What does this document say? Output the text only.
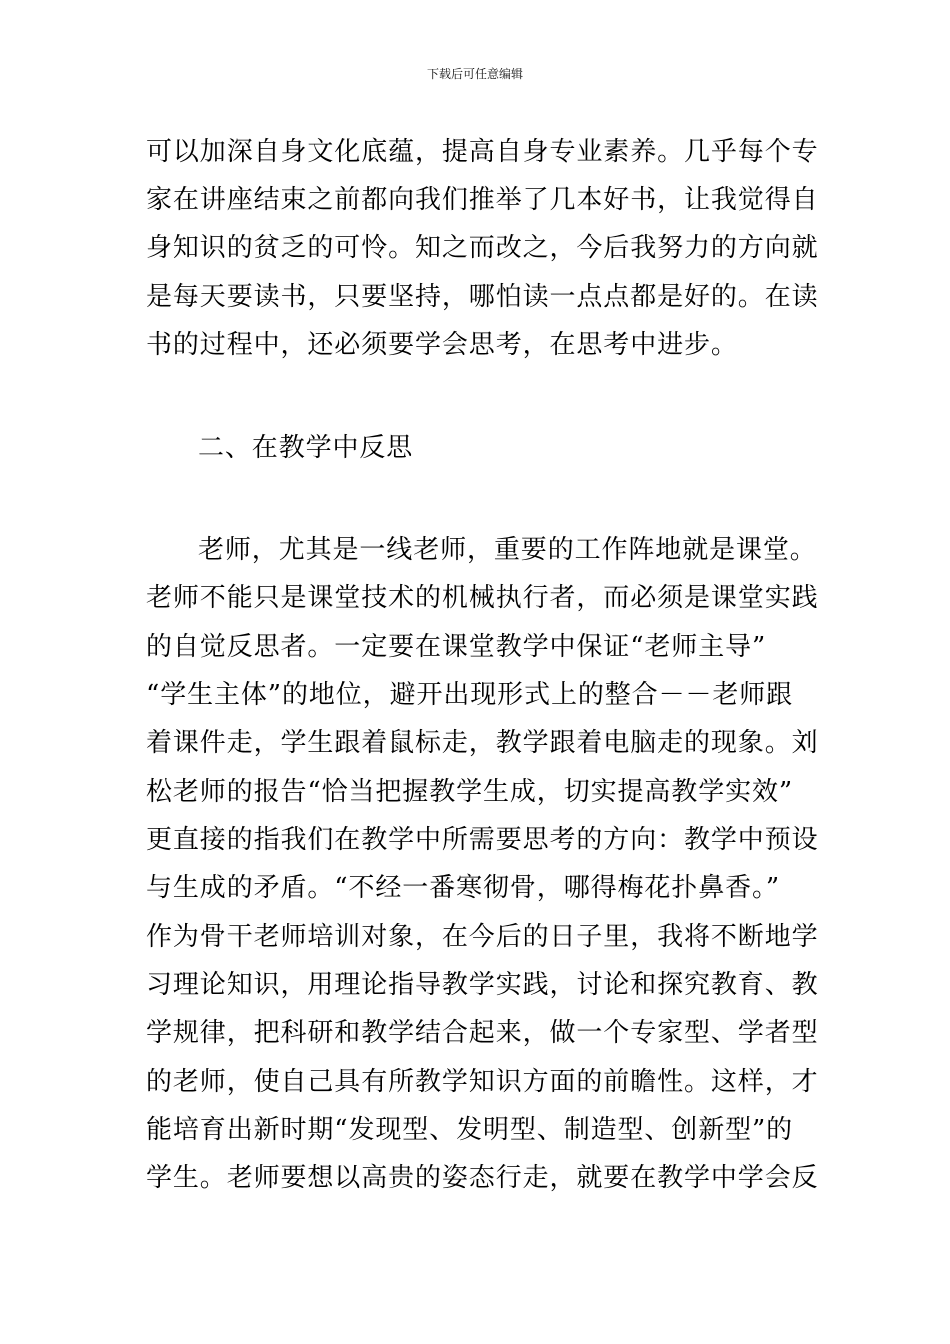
下载后可任意编辑
可以加深自身文化底蕴，提高自身专业素养。几乎每个专
家在讲座结束之前都向我们推举了几本好书，让我觉得自
身知识的贫乏的可怜。知之而改之，今后我努力的方向就
是每天要读书，只要坚持，哪怕读一点点都是好的。在读
书的过程中，还必须要学会思考，在思考中进步。
二、在教学中反思
老师，尤其是一线老师，重要的工作阵地就是课堂。
老师不能只是课堂技术的机械执行者，而必须是课堂实践
的自觉反思者。一定要在课堂教学中保证“老师主导”
“学生主体”的地位，避开出现形式上的整合－－老师跟
着课件走，学生跟着鼠标走，教学跟着电脑走的现象。刘
松老师的报告“恰当把握教学生成，切实提高教学实效”
更直接的指我们在教学中所需要思考的方向：教学中预设
与生成的矛盾。“不经一番寒彻骨，哪得梅花扑鼻香。”
作为骨干老师培训对象，在今后的日子里，我将不断地学
习理论知识，用理论指导教学实践，讨论和探究教育、教
学规律，把科研和教学结合起来，做一个专家型、学者型
的老师，使自己具有所教学知识方面的前瞻性。这样，才
能培育出新时期“发现型、发明型、制造型、创新型”的
学生。老师要想以高贵的姿态行走，就要在教学中学会反
